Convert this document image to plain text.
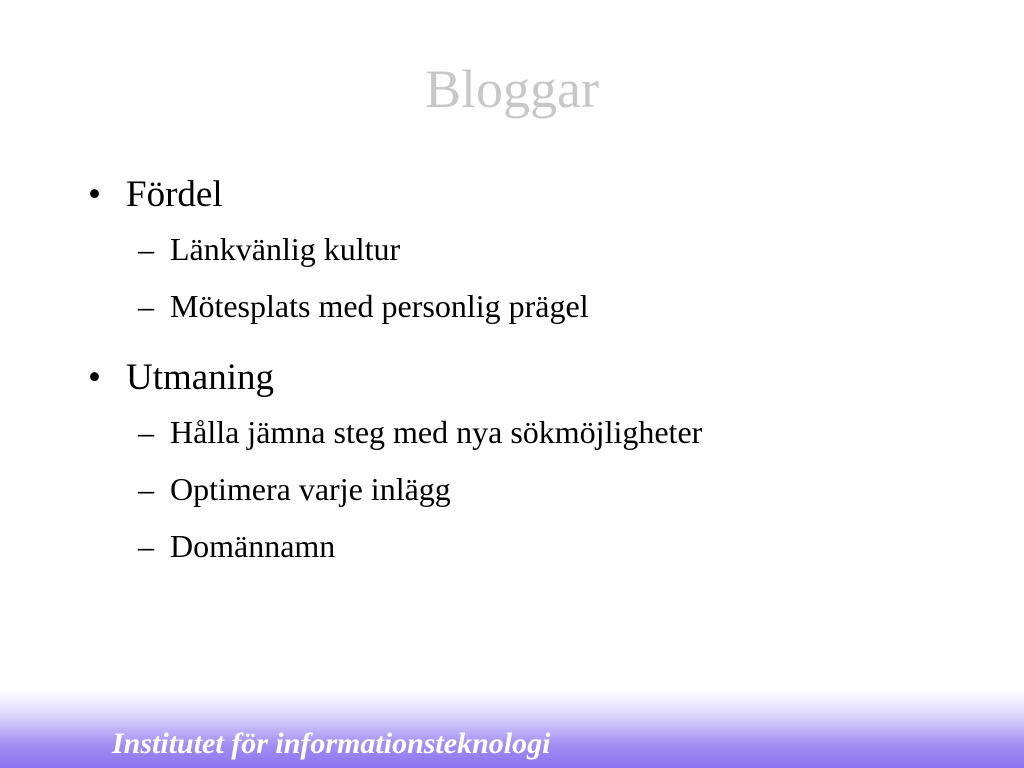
Bloggar
• Fördel
– Länkvänlig kultur
– Mötesplats med personlig prägel
• Utmaning
– Hålla jämna steg med nya sökmöjligheter
– Optimera varje inlägg
– Domännamn
Institutet för informationsteknologi
